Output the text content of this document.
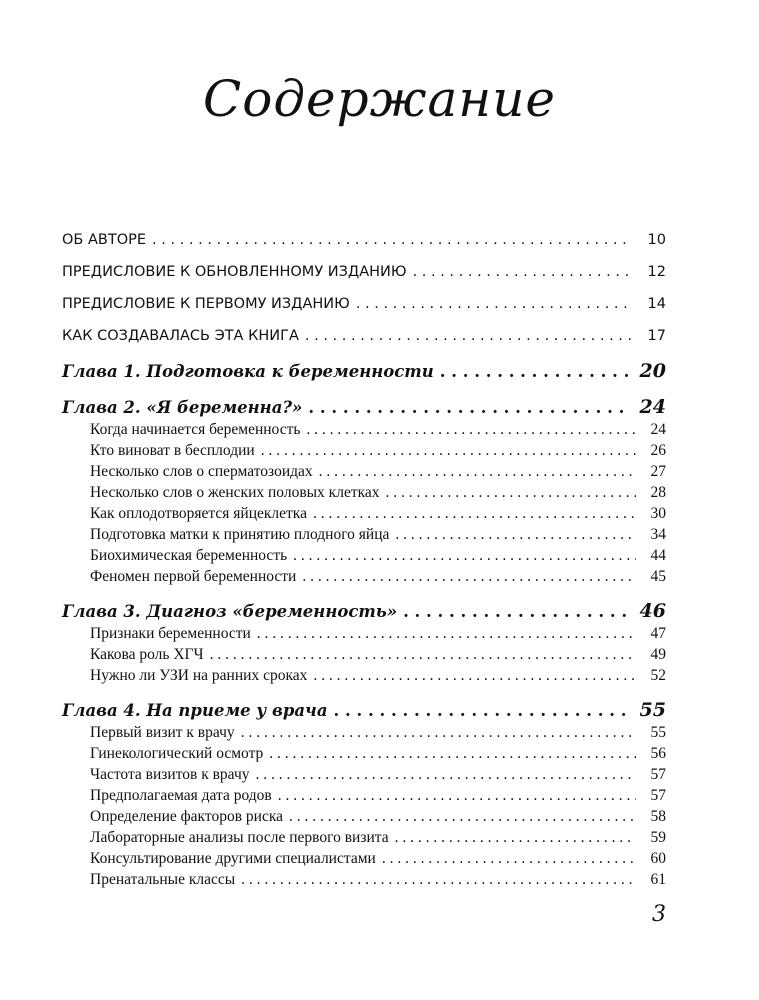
Содержание
ОБ АВТОРЕ . . .	10
ПРЕДИСЛОВИЕ К ОБНОВЛЕННОМУ ИЗДАНИЮ . . .	12
ПРЕДИСЛОВИЕ К ПЕРВОМУ ИЗДАНИЮ . . .	14
КАК СОЗДАВАЛАСЬ ЭТА КНИГА . . .	17
Глава 1. Подготовка к беременности . . .	20
Глава 2. «Я беременна?» . . .	24
Когда начинается беременность . . .	24
Кто виноват в бесплодии . . .	26
Несколько слов о сперматозоидах . . .	27
Несколько слов о женских половых клетках . . .	28
Как оплодотворяется яйцеклетка . . .	30
Подготовка матки к принятию плодного яйца . . .	34
Биохимическая беременность . . .	44
Феномен первой беременности . . .	45
Глава 3. Диагноз «беременность» . . .	46
Признаки беременности . . .	47
Какова роль ХГЧ . . .	49
Нужно ли УЗИ на ранних сроках . . .	52
Глава 4. На приеме у врача . . .	55
Первый визит к врачу . . .	55
Гинекологический осмотр . . .	56
Частота визитов к врачу . . .	57
Предполагаемая дата родов . . .	57
Определение факторов риска . . .	58
Лабораторные анализы после первого визита . . .	59
Консультирование другими специалистами . . .	60
Пренатальные классы . . .	61
3
